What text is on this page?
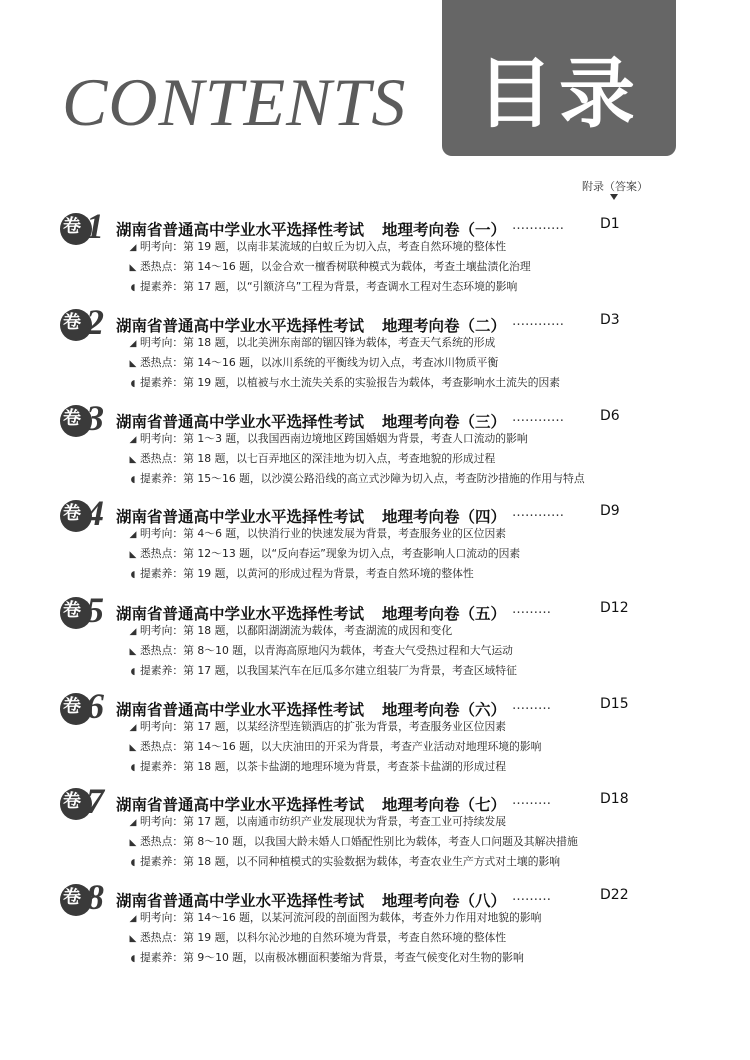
CONTENTS 目录
附录（答案）
卷 1 湖南省普通高中学业水平选择性考试 地理考向卷（一） …………	D1
◢ 明考向：第 19 题，以南非某流域的白蚁丘为切入点，考查自然环境的整体性
◣ 悉热点：第 14～16 题，以金合欢一檀香树联种模式为载体，考查土壤盐渍化治理
◖ 提素养：第 17 题，以“引额济乌”工程为背景，考查调水工程对生态环境的影响
卷 2 湖南省普通高中学业水平选择性考试 地理考向卷（二） …………	D3
◢ 明考向：第 18 题，以北美洲东南部的锢囚锋为载体，考查天气系统的形成
◣ 悉热点：第 14～16 题，以冰川系统的平衡线为切入点，考查冰川物质平衡
◖ 提素养：第 19 题，以植被与水土流失关系的实验报告为载体，考查影响水土流失的因素
卷 3 湖南省普通高中学业水平选择性考试 地理考向卷（三） …………	D6
◢ 明考向：第 1～3 题，以我国西南边境地区跨国婚姻为背景，考查人口流动的影响
◣ 悉热点：第 18 题，以七百弄地区的深洼地为切入点，考查地貌的形成过程
◖ 提素养：第 15～16 题，以沙漠公路沿线的高立式沙障为切入点，考查防沙措施的作用与特点
卷 4 湖南省普通高中学业水平选择性考试 地理考向卷（四） …………	D9
◢ 明考向：第 4～6 题，以快消行业的快速发展为背景，考查服务业的区位因素
◣ 悉热点：第 12～13 题，以“反向春运”现象为切入点，考查影响人口流动的因素
◖ 提素养：第 19 题，以黄河的形成过程为背景，考查自然环境的整体性
卷 5 湖南省普通高中学业水平选择性考试 地理考向卷（五） ………	D12
◢ 明考向：第 18 题，以鄱阳湖湖流为载体，考查湖流的成因和变化
◣ 悉热点：第 8～10 题，以青海高原地闪为载体，考查大气受热过程和大气运动
◖ 提素养：第 17 题，以我国某汽车在厄瓜多尔建立组装厂为背景，考查区域特征
卷 6 湖南省普通高中学业水平选择性考试 地理考向卷（六） ………	D15
◢ 明考向：第 17 题，以某经济型连锁酒店的扩张为背景，考查服务业区位因素
◣ 悉热点：第 14～16 题，以大庆油田的开采为背景，考查产业活动对地理环境的影响
◖ 提素养：第 18 题，以茶卡盐湖的地理环境为背景，考查茶卡盐湖的形成过程
卷 7 湖南省普通高中学业水平选择性考试 地理考向卷（七） ………	D18
◢ 明考向：第 17 题，以南通市纺织产业发展现状为背景，考查工业可持续发展
◣ 悉热点：第 8～10 题，以我国大龄未婚人口婚配性别比为载体，考查人口问题及其解决措施
◖ 提素养：第 18 题，以不同种植模式的实验数据为载体，考查农业生产方式对土壤的影响
卷 8 湖南省普通高中学业水平选择性考试 地理考向卷（八） ………	D22
◢ 明考向：第 14～16 题，以某河流河段的剖面图为载体，考查外力作用对地貌的影响
◣ 悉热点：第 19 题，以科尔沁沙地的自然环境为背景，考查自然环境的整体性
◖ 提素养：第 9～10 题，以南极冰棚面积萎缩为背景，考查气候变化对生物的影响
